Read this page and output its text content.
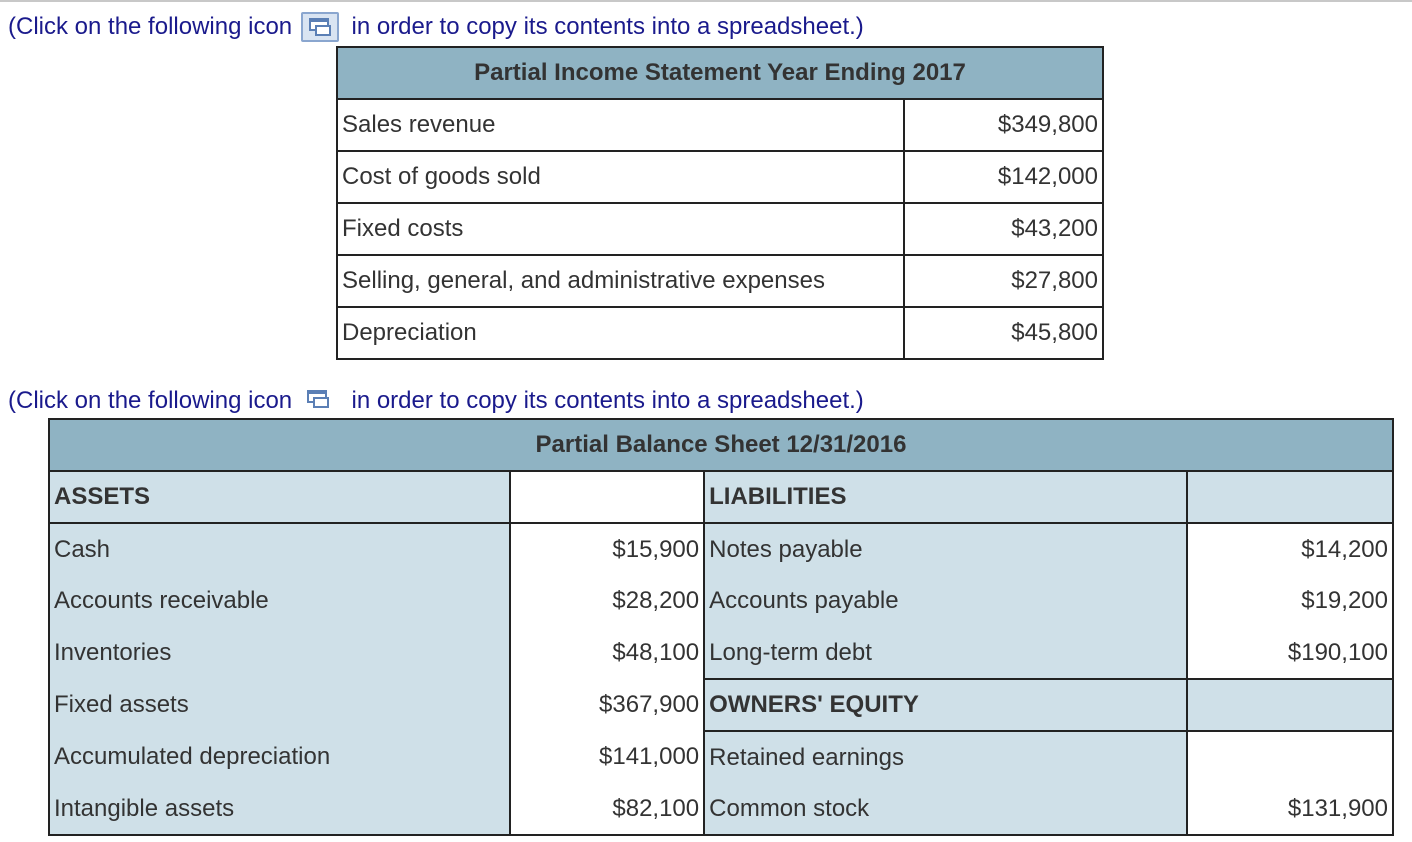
(Click on the following icon in order to copy its contents into a spreadsheet.)
Partial Income Statement Year Ending 2017	
Sales revenue	$349,800
Cost of goods sold	$142,000
Fixed costs	$43,200
Selling, general, and administrative expenses	$27,800
Depreciation	$45,800
(Click on the following icon in order to copy its contents into a spreadsheet.)
Partial Balance Sheet 12/31/2016			
ASSETS		LIABILITIES	
Cash	$15,900	Notes payable	$14,200
Accounts receivable	$28,200	Accounts payable	$19,200
Inventories	$48,100	Long-term debt	$190,100
Fixed assets	$367,900	OWNERS' EQUITY	
Accumulated depreciation	$141,000	Retained earnings	
Intangible assets	$82,100	Common stock	$131,900
